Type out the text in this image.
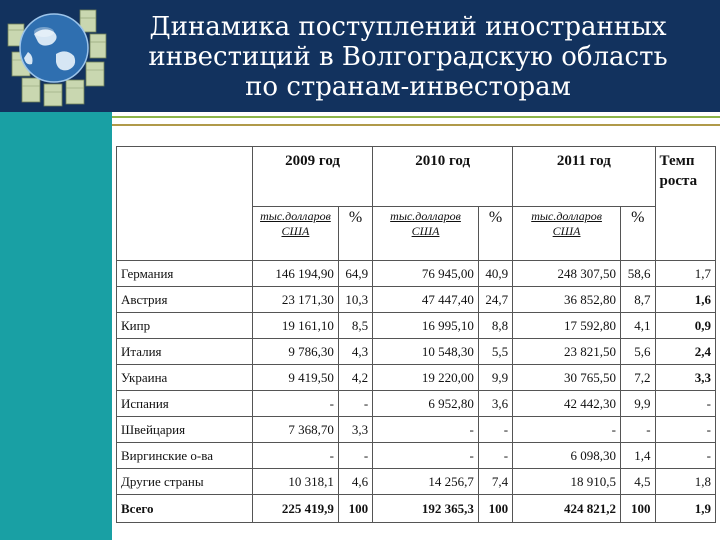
Динамика поступлений иностранных
инвестиций в Волгоградскую область
по странам-инвесторам
	2009 год		2010 год		2011 год		Темп
роста
	тыс.долларов
США	%	тыс.долларов
США	%	тыс.долларов
США	%	
Германия	146 194,90	64,9	76 945,00	40,9	248 307,50	58,6	1,7
Австрия	23 171,30	10,3	47 447,40	24,7	36 852,80	8,7	1,6
Кипр	19 161,10	8,5	16 995,10	8,8	17 592,80	4,1	0,9
Италия	9 786,30	4,3	10 548,30	5,5	23 821,50	5,6	2,4
Украина	9 419,50	4,2	19 220,00	9,9	30 765,50	7,2	3,3
Испания	-	-	6 952,80	3,6	42 442,30	9,9	-
Швейцария	7 368,70	3,3	-	-	-	-	-
Виргинские о-ва	-	-	-	-	6 098,30	1,4	-
Другие страны	10 318,1	4,6	14 256,7	7,4	18 910,5	4,5	1,8
Всего	225 419,9	100	192 365,3	100	424 821,2	100	1,9
